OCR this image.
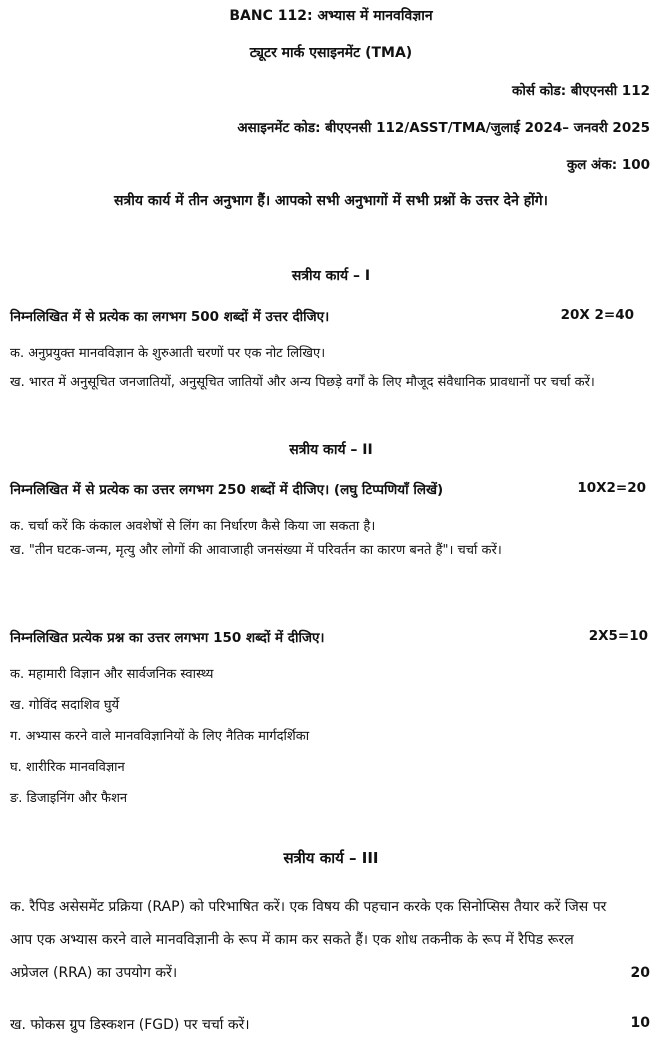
BANC 112: अभ्यास में मानवविज्ञान
ट्यूटर मार्क एसाइनमेंट (TMA)
कोर्स कोड: बीएएनसी 112
असाइनमेंट कोड: बीएएनसी 112/ASST/TMA/जुलाई 2024– जनवरी 2025
कुल अंक: 100
सत्रीय कार्य में तीन अनुभाग हैं। आपको सभी अनुभागों में सभी प्रश्नों के उत्तर देने होंगे।
सत्रीय कार्य – I
निम्नलिखित में से प्रत्येक का लगभग 500 शब्दों में उत्तर दीजिए।	20X 2=40
क. अनुप्रयुक्त मानवविज्ञान के शुरुआती चरणों पर एक नोट लिखिए।
ख. भारत में अनुसूचित जनजातियों, अनुसूचित जातियों और अन्य पिछड़े वर्गों के लिए मौजूद संवैधानिक प्रावधानों पर चर्चा करें।
सत्रीय कार्य – II
निम्नलिखित में से प्रत्येक का उत्तर लगभग 250 शब्दों में दीजिए। (लघु टिप्पणियाँ लिखें)	10X2=20
क. चर्चा करें कि कंकाल अवशेषों से लिंग का निर्धारण कैसे किया जा सकता है।
ख. "तीन घटक-जन्म, मृत्यु और लोगों की आवाजाही जनसंख्या में परिवर्तन का कारण बनते हैं"। चर्चा करें।
निम्नलिखित प्रत्येक प्रश्न का उत्तर लगभग 150 शब्दों में दीजिए।	2X5=10
क. महामारी विज्ञान और सार्वजनिक स्वास्थ्य
ख. गोविंद सदाशिव घुर्ये
ग. अभ्यास करने वाले मानवविज्ञानियों के लिए नैतिक मार्गदर्शिका
घ. शारीरिक मानवविज्ञान
ङ. डिजाइनिंग और फैशन
सत्रीय कार्य – III
क. रैपिड असेसमेंट प्रक्रिया (RAP) को परिभाषित करें। एक विषय की पहचान करके एक सिनोप्सिस तैयार करें जिस पर आप एक अभ्यास करने वाले मानवविज्ञानी के रूप में काम कर सकते हैं। एक शोध तकनीक के रूप में रैपिड रूरल अप्रेजल (RRA) का उपयोग करें।	20
ख. फोकस ग्रुप डिस्कशन (FGD) पर चर्चा करें।	10
